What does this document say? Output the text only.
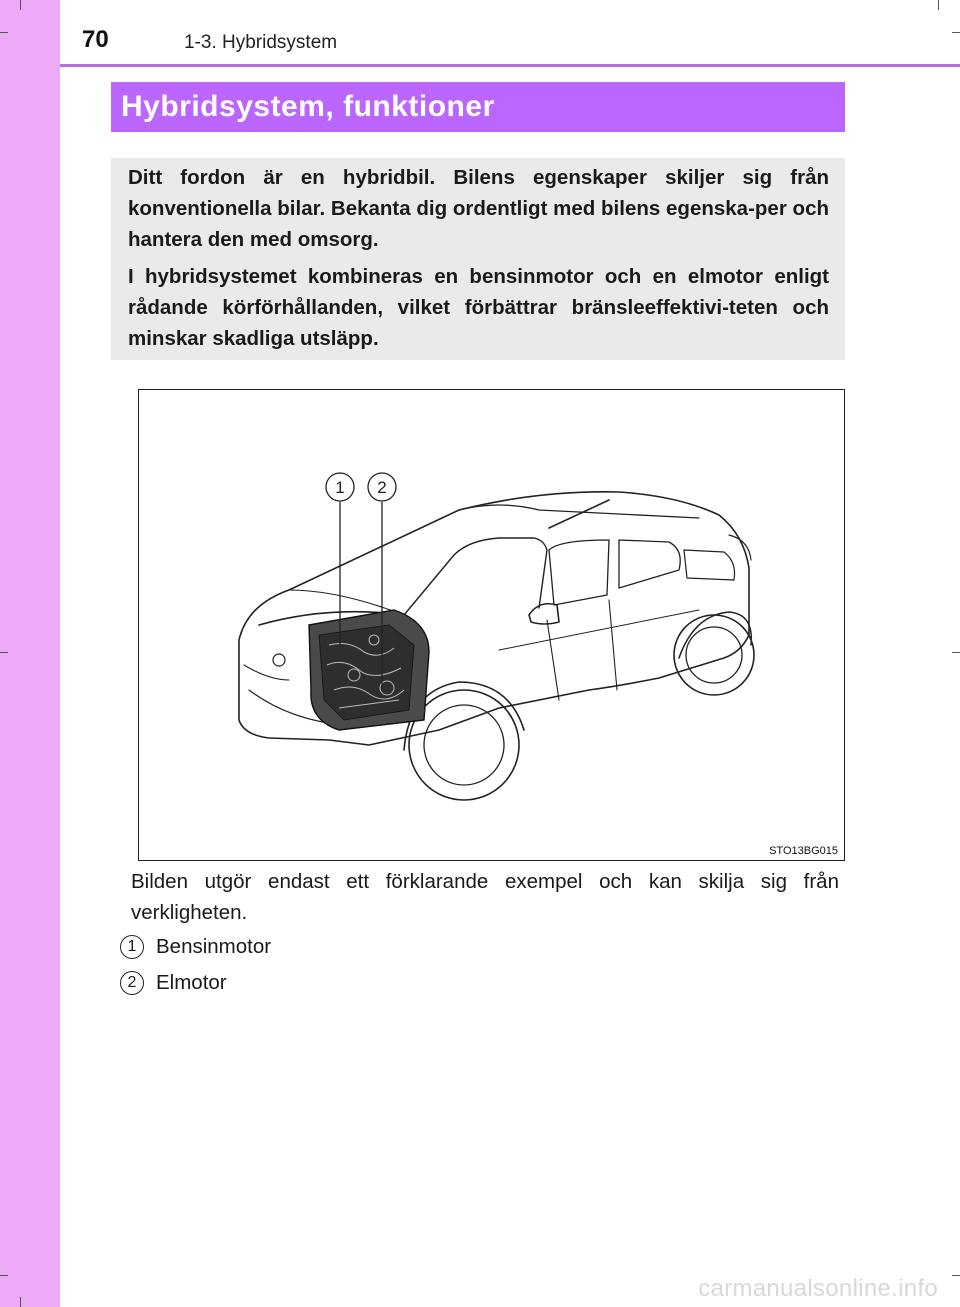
70	1-3. Hybridsystem
Hybridsystem, funktioner

Ditt fordon är en hybridbil. Bilens egenskaper skiljer sig från konventionella bilar. Bekanta dig ordentligt med bilens egenska-per och hantera den med omsorg.

I hybridsystemet kombineras en bensinmotor och en elmotor enligt rådande körförhållanden, vilket förbättrar bränsleeffektivi-teten och minskar skadliga utsläpp.

1 2
STO13BG015

Bilden utgör endast ett förklarande exempel och kan skilja sig från verkligheten.

1 Bensinmotor
2 Elmotor
carmanualsonline.info
